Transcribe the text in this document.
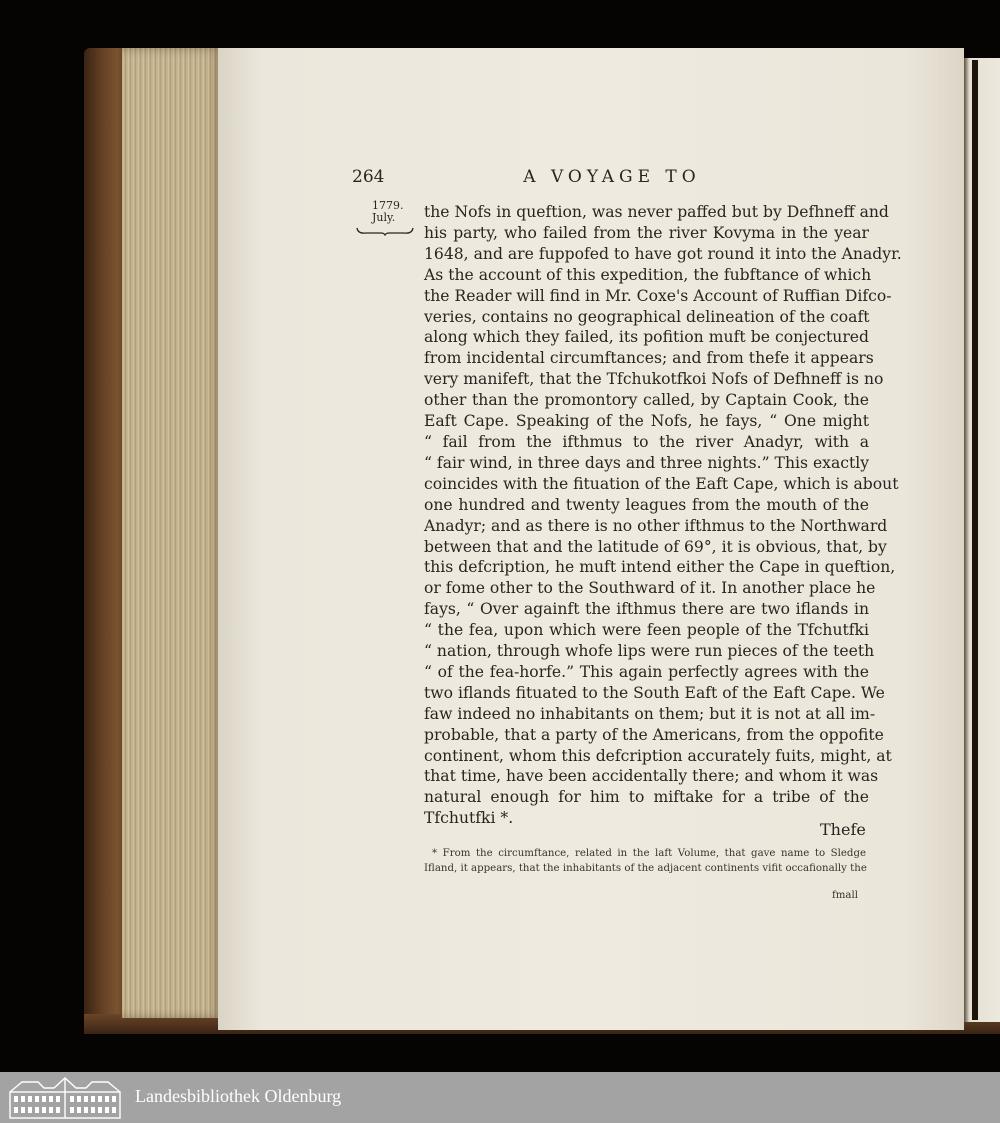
264	A VOYAGE TO
1779.
July.	the Nofs in queftion, was never paffed but by Defhneff and
his party, who failed from the river Kovyma in the year
1648, and are fuppofed to have got round it into the Anadyr.
As the account of this expedition, the fubftance of which
the Reader will find in Mr. Coxe's Account of Ruffian Difco-
veries, contains no geographical delineation of the coaft
along which they failed, its pofition muft be conjectured
from incidental circumftances; and from thefe it appears
very manifeft, that the Tfchukotfkoi Nofs of Defhneff is no
other than the promontory called, by Captain Cook, the
Eaft Cape. Speaking of the Nofs, he fays, “ One might
“ fail from the ifthmus to the river Anadyr, with a
“ fair wind, in three days and three nights.” This exactly
coincides with the fituation of the Eaft Cape, which is about
one hundred and twenty leagues from the mouth of the
Anadyr; and as there is no other ifthmus to the Northward
between that and the latitude of 69°, it is obvious, that, by
this defcription, he muft intend either the Cape in queftion,
or fome other to the Southward of it. In another place he
fays, “ Over againft the ifthmus there are two iflands in
“ the fea, upon which were feen people of the Tfchutfki
“ nation, through whofe lips were run pieces of the teeth
“ of the fea-horfe.” This again perfectly agrees with the
two iflands fituated to the South Eaft of the Eaft Cape. We
faw indeed no inhabitants on them; but it is not at all im-
probable, that a party of the Americans, from the oppofite
continent, whom this defcription accurately fuits, might, at
that time, have been accidentally there; and whom it was
natural enough for him to miftake for a tribe of the
Tfchutfki *.
Thefe
* From the circumftance, related in the laft Volume, that gave name to Sledge
Ifland, it appears, that the inhabitants of the adjacent continents vifit occafionally the
fmall
Landesbibliothek Oldenburg
